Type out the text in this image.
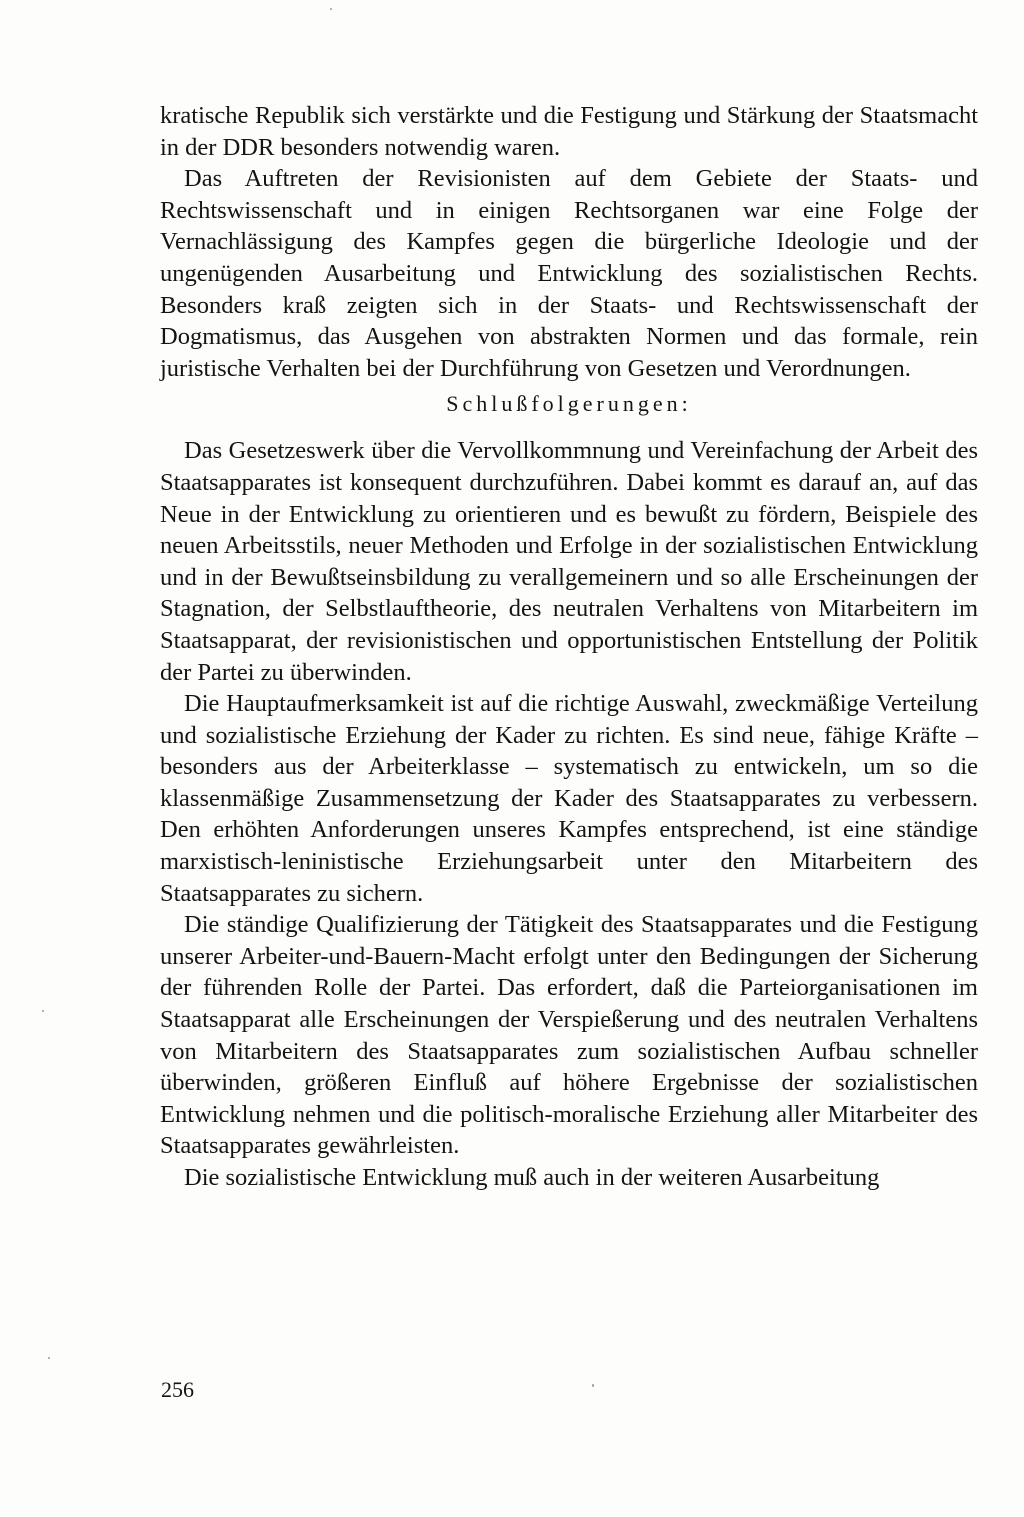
kratische Republik sich verstärkte und die Festigung und Stärkung der Staatsmacht in der DDR besonders notwendig waren.

Das Auftreten der Revisionisten auf dem Gebiete der Staats- und Rechtswissenschaft und in einigen Rechtsorganen war eine Folge der Vernachlässigung des Kampfes gegen die bürgerliche Ideologie und der ungenügenden Ausarbeitung und Entwicklung des sozialistischen Rechts. Besonders kraß zeigten sich in der Staats- und Rechtswissenschaft der Dogmatismus, das Ausgehen von abstrakten Normen und das formale, rein juristische Verhalten bei der Durchführung von Gesetzen und Verordnungen.

Schlußfolgerungen:

Das Gesetzeswerk über die Vervollkommnung und Vereinfachung der Arbeit des Staatsapparates ist konsequent durchzuführen. Dabei kommt es darauf an, auf das Neue in der Entwicklung zu orientieren und es bewußt zu fördern, Beispiele des neuen Arbeitsstils, neuer Methoden und Erfolge in der sozialistischen Entwicklung und in der Bewußtseinsbildung zu verallgemeinern und so alle Erscheinungen der Stagnation, der Selbstlauftheorie, des neutralen Verhaltens von Mitarbeitern im Staatsapparat, der revisionistischen und opportunistischen Entstellung der Politik der Partei zu überwinden.

Die Hauptaufmerksamkeit ist auf die richtige Auswahl, zweckmäßige Verteilung und sozialistische Erziehung der Kader zu richten. Es sind neue, fähige Kräfte – besonders aus der Arbeiterklasse – systematisch zu entwickeln, um so die klassenmäßige Zusammensetzung der Kader des Staatsapparates zu verbessern. Den erhöhten Anforderungen unseres Kampfes entsprechend, ist eine ständige marxistisch-leninistische Erziehungsarbeit unter den Mitarbeitern des Staatsapparates zu sichern.

Die ständige Qualifizierung der Tätigkeit des Staatsapparates und die Festigung unserer Arbeiter-und-Bauern-Macht erfolgt unter den Bedingungen der Sicherung der führenden Rolle der Partei. Das erfordert, daß die Parteiorganisationen im Staatsapparat alle Erscheinungen der Verspießerung und des neutralen Verhaltens von Mitarbeitern des Staatsapparates zum sozialistischen Aufbau schneller überwinden, größeren Einfluß auf höhere Ergebnisse der sozialistischen Entwicklung nehmen und die politisch-moralische Erziehung aller Mitarbeiter des Staatsapparates gewährleisten.

Die sozialistische Entwicklung muß auch in der weiteren Ausarbeitung

256
